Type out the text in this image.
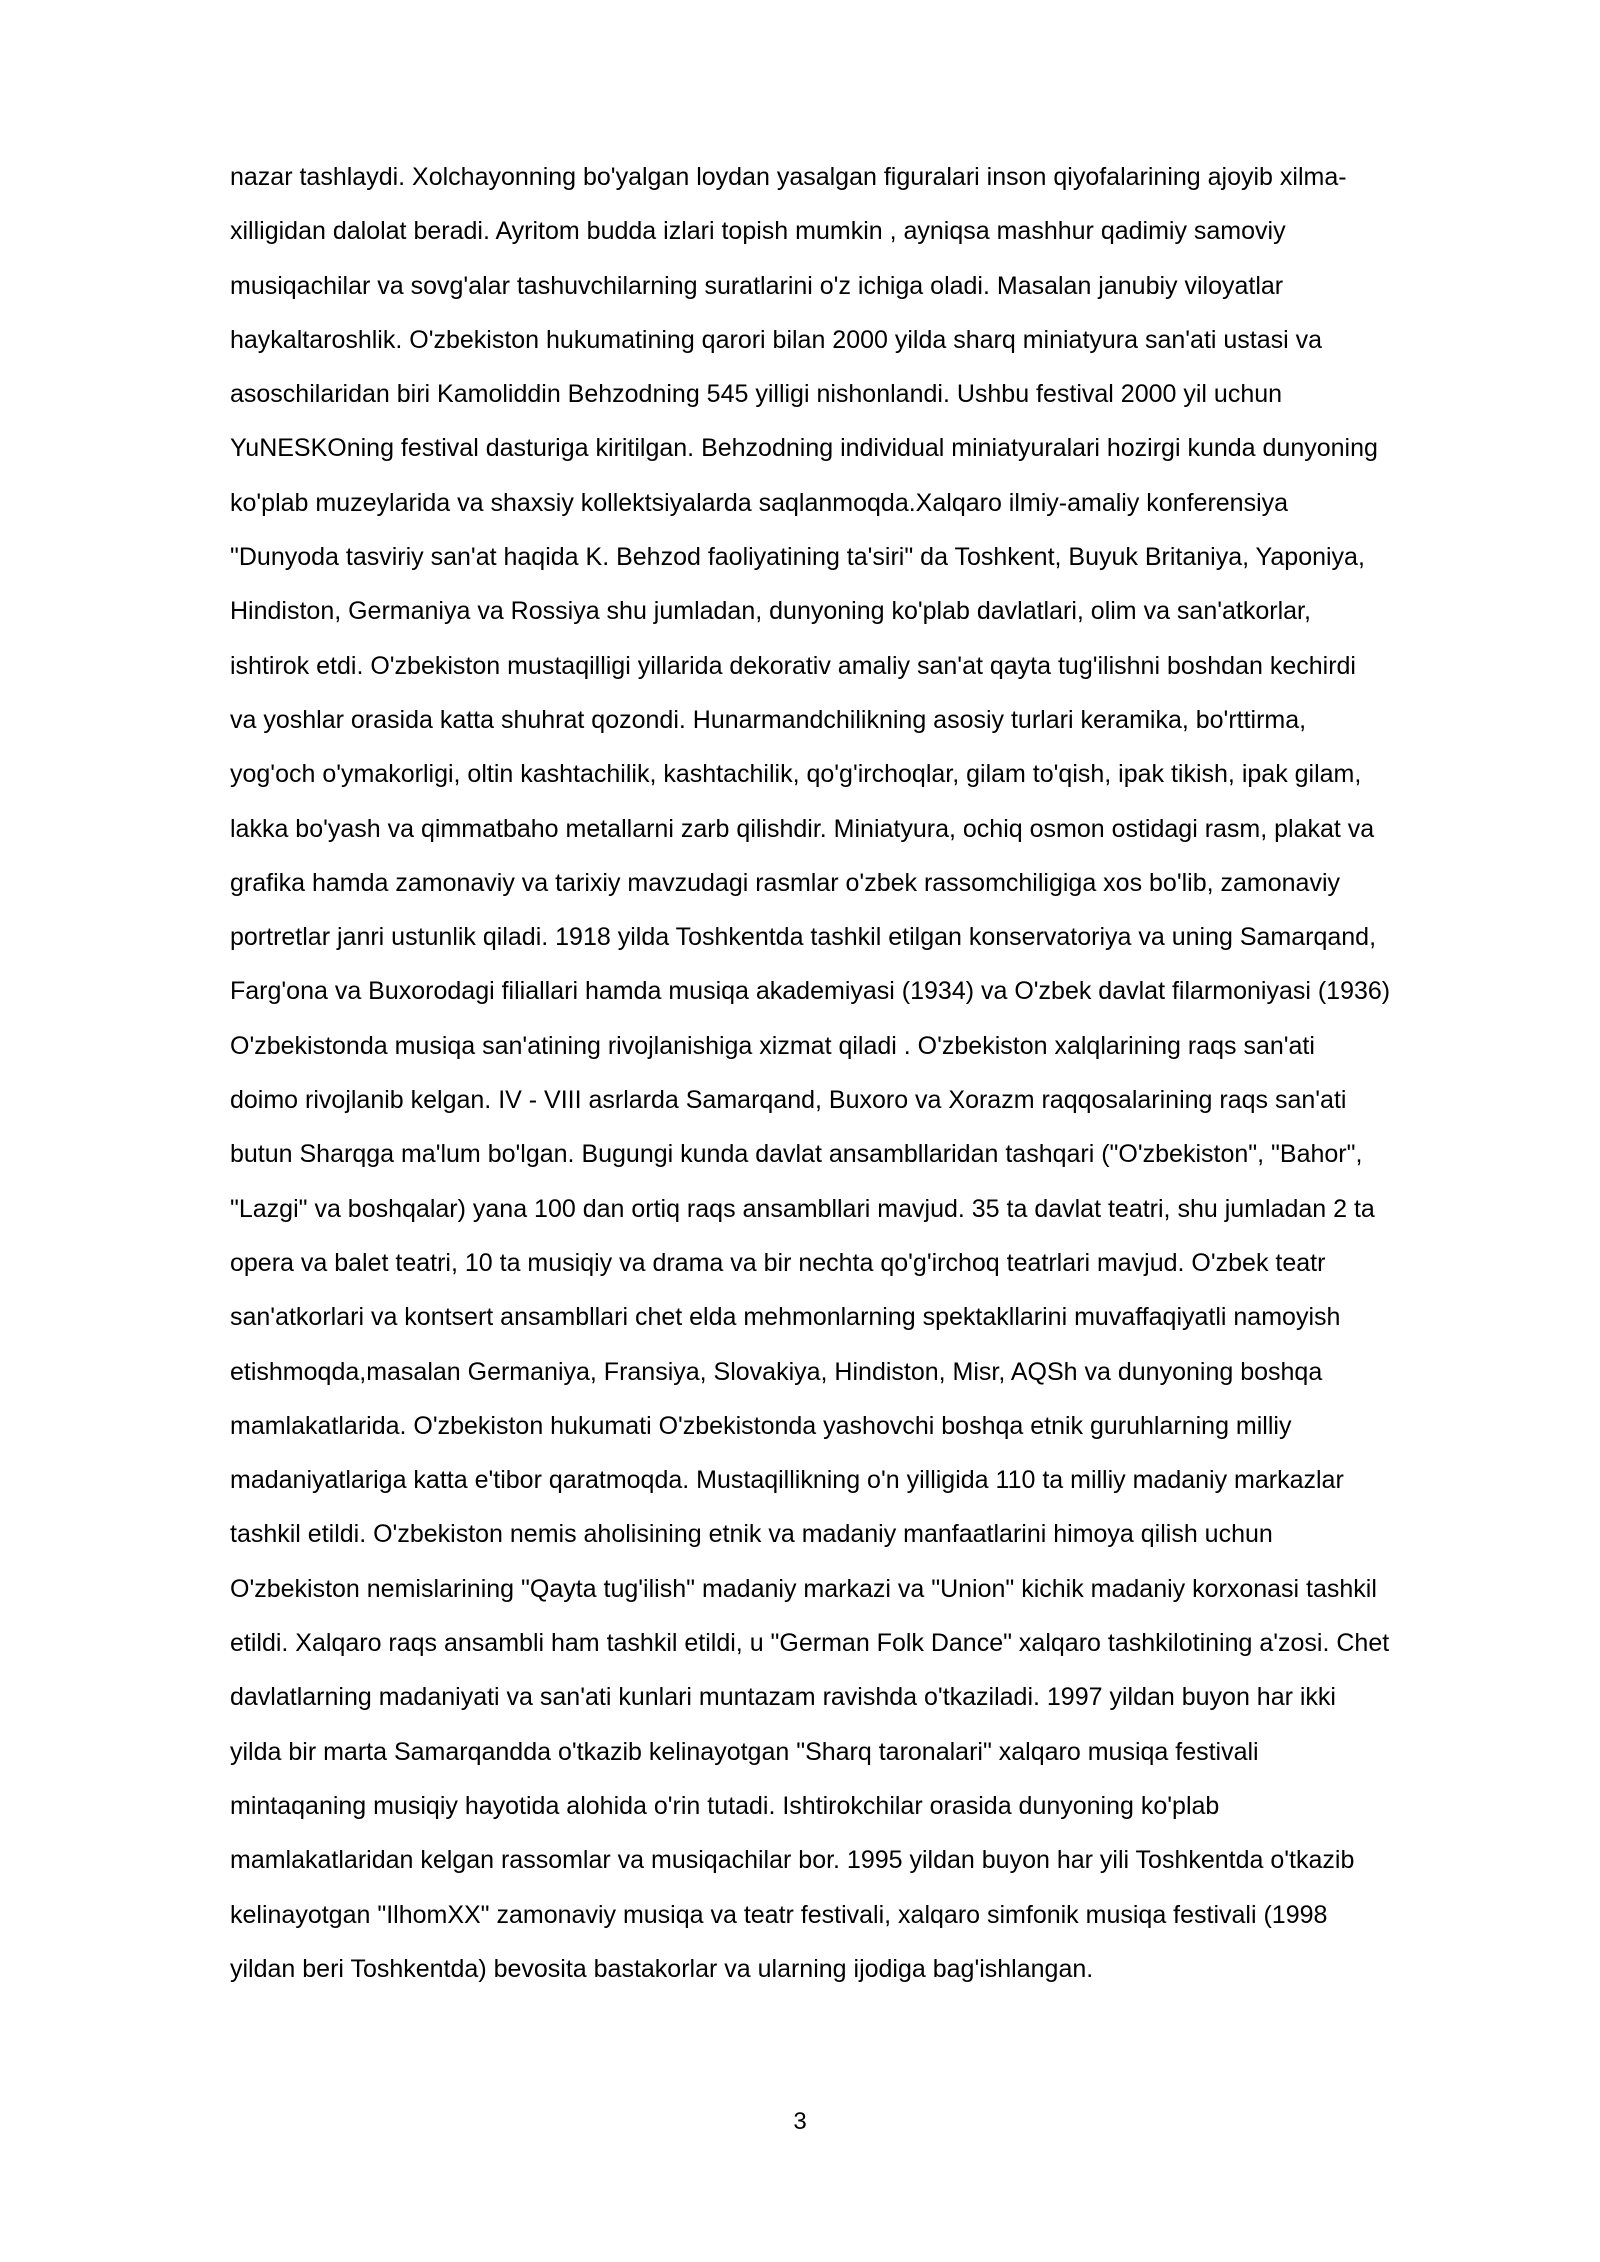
nazar tashlaydi. Xolchayonning bo'yalgan loydan yasalgan figuralari inson qiyofalarining ajoyib xilma-
xilligidan dalolat beradi. Ayritom budda izlari topish mumkin , ayniqsa mashhur qadimiy samoviy
musiqachilar va sovg'alar tashuvchilarning suratlarini o'z ichiga oladi. Masalan janubiy viloyatlar
haykaltaroshlik. O'zbekiston hukumatining qarori bilan 2000 yilda sharq miniatyura san'ati ustasi va
asoschilaridan biri Kamoliddin Behzodning 545 yilligi nishonlandi. Ushbu festival 2000 yil uchun
YuNESKOning festival dasturiga kiritilgan. Behzodning individual miniatyuralari hozirgi kunda dunyoning
ko'plab muzeylarida va shaxsiy kollektsiyalarda saqlanmoqda.Xalqaro ilmiy-amaliy konferensiya
"Dunyoda tasviriy san'at haqida K. Behzod faoliyatining ta'siri" da Toshkent, Buyuk Britaniya, Yaponiya,
Hindiston, Germaniya va Rossiya shu jumladan, dunyoning ko'plab davlatlari, olim va san'atkorlar,
ishtirok etdi. O'zbekiston mustaqilligi yillarida dekorativ amaliy san'at qayta tug'ilishni boshdan kechirdi
va yoshlar orasida katta shuhrat qozondi. Hunarmandchilikning asosiy turlari keramika, bo'rttirma,
yog'och o'ymakorligi, oltin kashtachilik, kashtachilik, qo'g'irchoqlar, gilam to'qish, ipak tikish, ipak gilam,
lakka bo'yash va qimmatbaho metallarni zarb qilishdir. Miniatyura, ochiq osmon ostidagi rasm, plakat va
grafika hamda zamonaviy va tarixiy mavzudagi rasmlar o'zbek rassomchiligiga xos bo'lib, zamonaviy
portretlar janri ustunlik qiladi. 1918 yilda Toshkentda tashkil etilgan konservatoriya va uning Samarqand,
Farg'ona va Buxorodagi filiallari hamda musiqa akademiyasi (1934) va O'zbek davlat filarmoniyasi (1936)
O'zbekistonda musiqa san'atining rivojlanishiga xizmat qiladi . O'zbekiston xalqlarining raqs san'ati
doimo rivojlanib kelgan. IV - VIII asrlarda Samarqand, Buxoro va Xorazm raqqosalarining raqs san'ati
butun Sharqga ma'lum bo'lgan. Bugungi kunda davlat ansambllaridan tashqari ("O'zbekiston", "Bahor",
"Lazgi" va boshqalar) yana 100 dan ortiq raqs ansambllari mavjud. 35 ta davlat teatri, shu jumladan 2 ta
opera va balet teatri, 10 ta musiqiy va drama va bir nechta qo'g'irchoq teatrlari mavjud. O'zbek teatr
san'atkorlari va kontsert ansambllari chet elda mehmonlarning spektakllarini muvaffaqiyatli namoyish
etishmoqda,masalan Germaniya, Fransiya, Slovakiya, Hindiston, Misr, AQSh va dunyoning boshqa
mamlakatlarida. O'zbekiston hukumati O'zbekistonda yashovchi boshqa etnik guruhlarning milliy
madaniyatlariga katta e'tibor qaratmoqda. Mustaqillikning o'n yilligida 110 ta milliy madaniy markazlar
tashkil etildi. O'zbekiston nemis aholisining etnik va madaniy manfaatlarini himoya qilish uchun
O'zbekiston nemislarining "Qayta tug'ilish" madaniy markazi va "Union" kichik madaniy korxonasi tashkil
etildi. Xalqaro raqs ansambli ham tashkil etildi, u "German Folk Dance" xalqaro tashkilotining a'zosi. Chet
davlatlarning madaniyati va san'ati kunlari muntazam ravishda o'tkaziladi. 1997 yildan buyon har ikki
yilda bir marta Samarqandda o'tkazib kelinayotgan "Sharq taronalari" xalqaro musiqa festivali
mintaqaning musiqiy hayotida alohida o'rin tutadi. Ishtirokchilar orasida dunyoning ko'plab
mamlakatlaridan kelgan rassomlar va musiqachilar bor. 1995 yildan buyon har yili Toshkentda o'tkazib
kelinayotgan "IlhomXX" zamonaviy musiqa va teatr festivali, xalqaro simfonik musiqa festivali (1998
yildan beri Toshkentda) bevosita bastakorlar va ularning ijodiga bag'ishlangan.
3
